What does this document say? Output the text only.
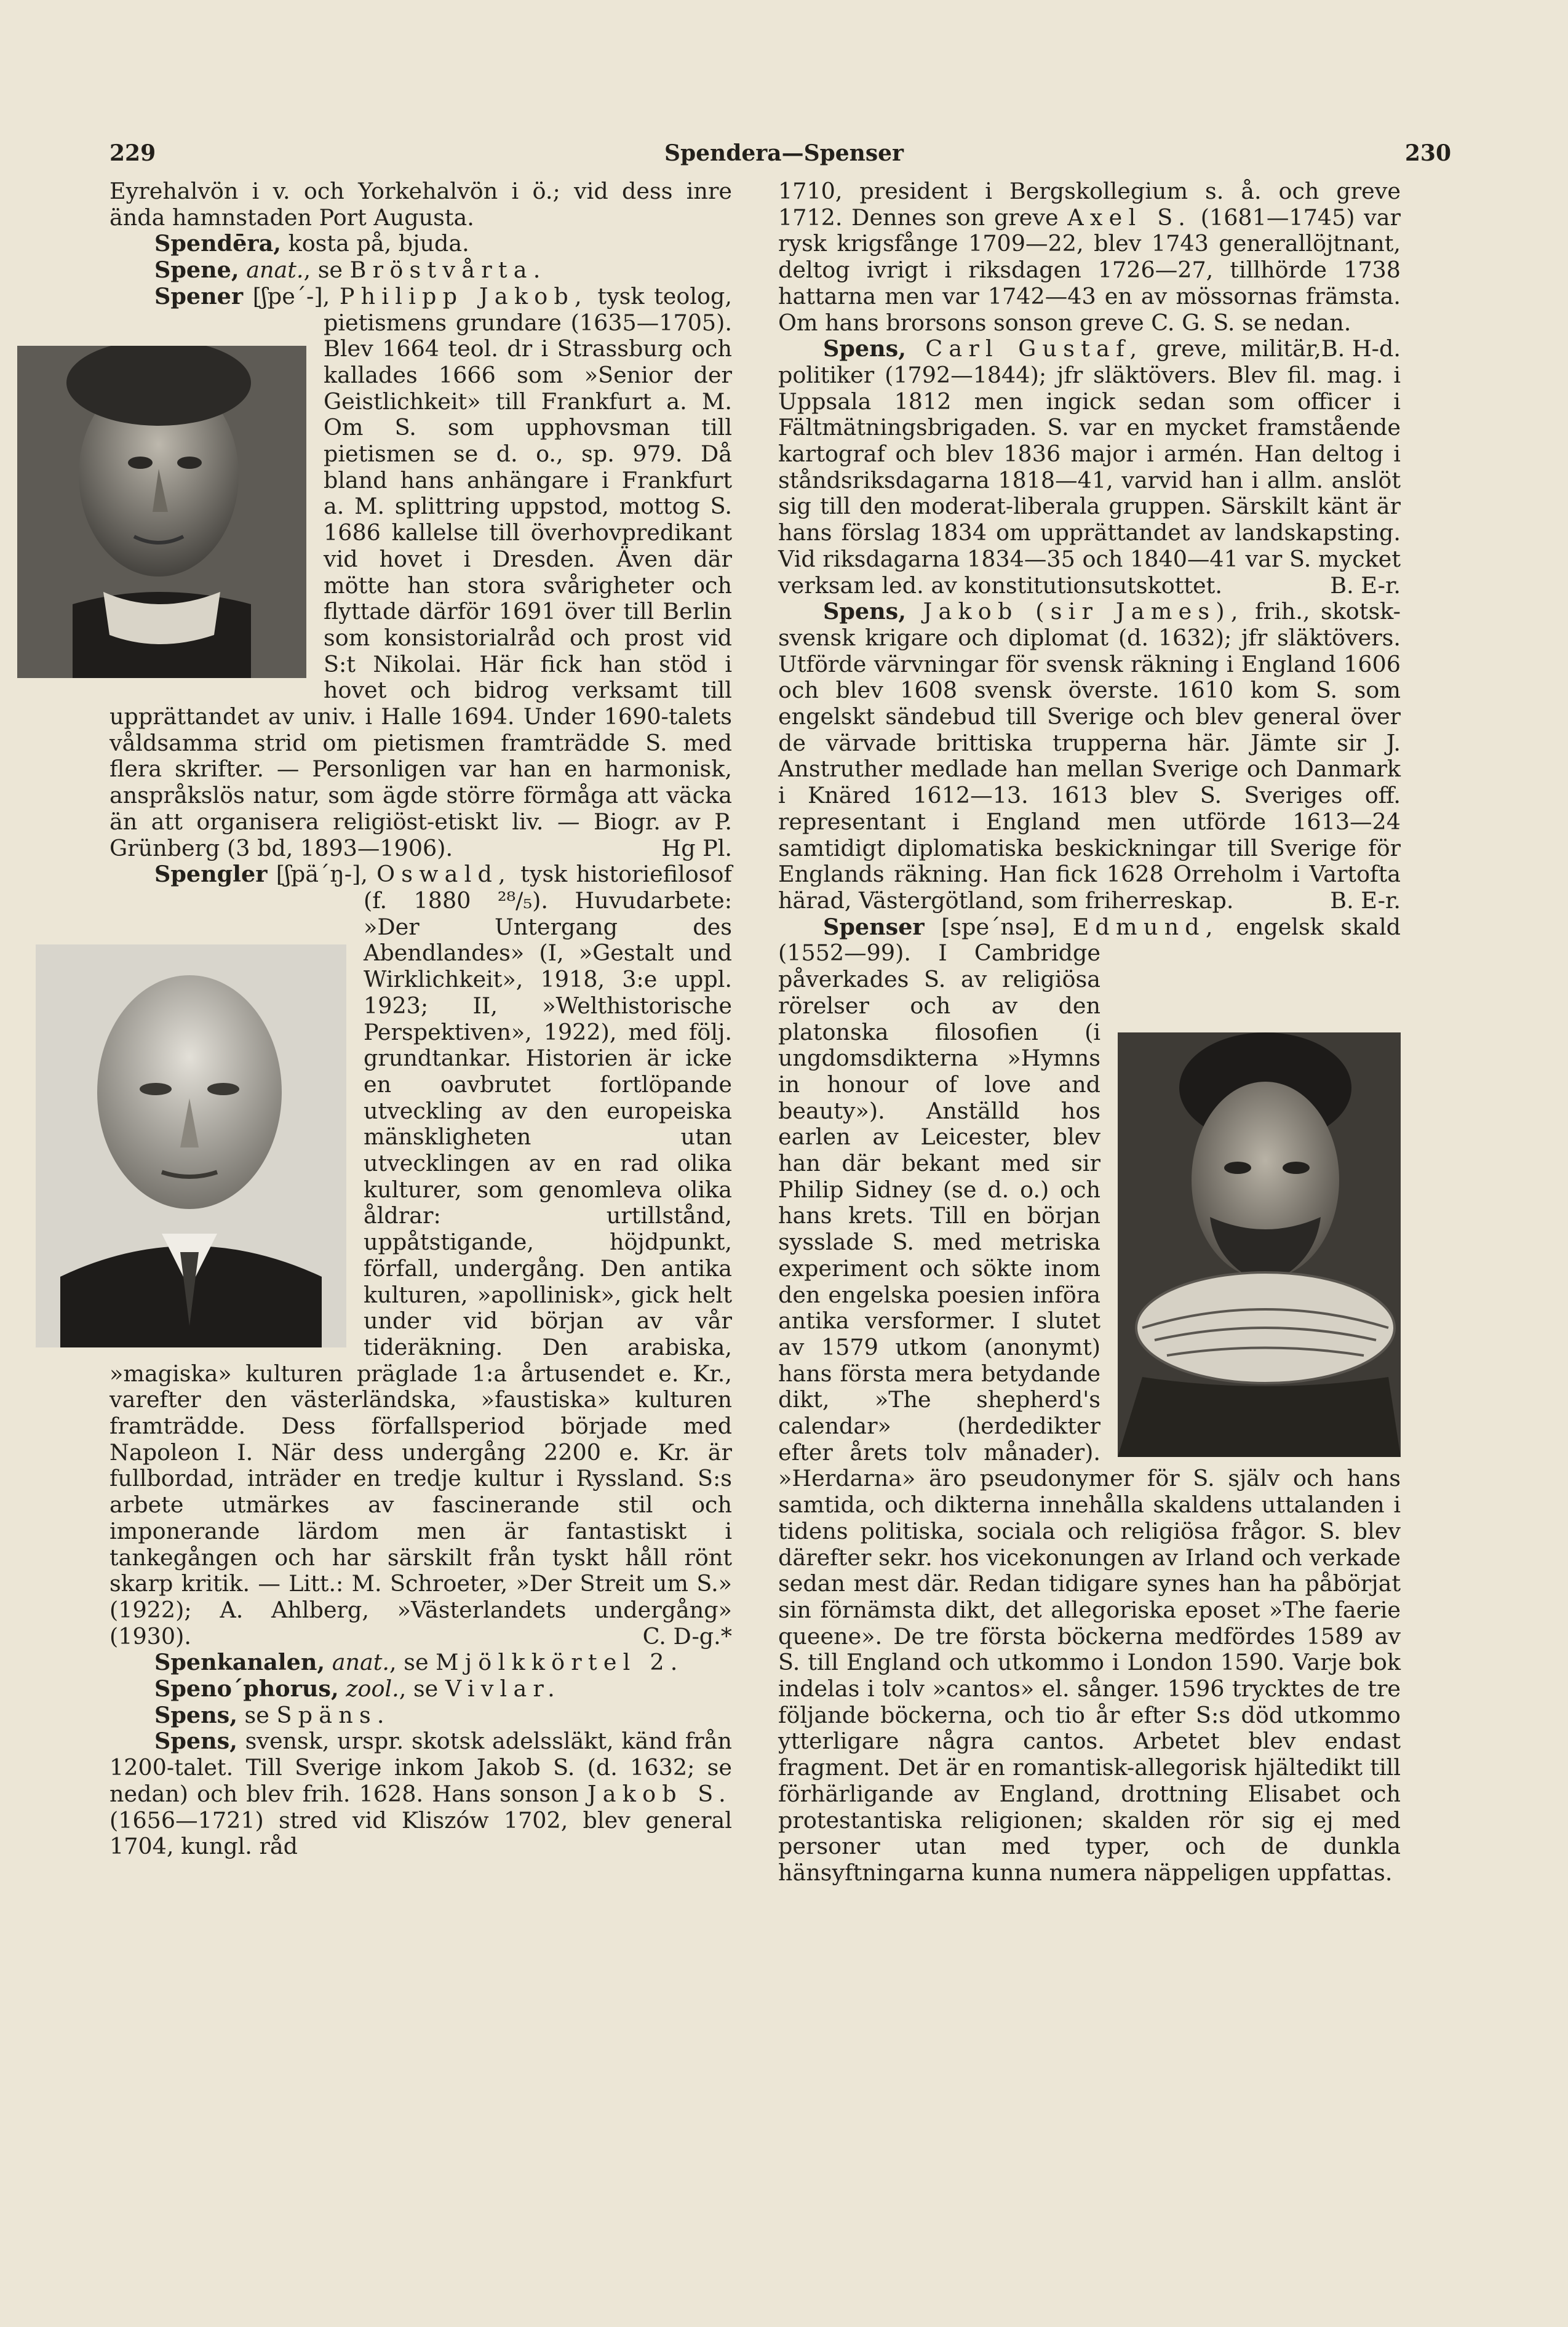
229	Spendera—Spenser	230

Eyrehalvön i v. och Yorkehalvön i ö.; vid dess inre ända hamnstaden Port Augusta.

Spendēra, kosta på, bjuda.

Spene, anat., se Bröstvårta.

Spener [ʃpe´-], Philipp Jakob,
tysk teolog, pietismens grundare (1635—1705). Blev 1664 teol. dr i Strassburg och kallades 1666 som »Senior der Geistlichkeit» till Frankfurt a. M. Om S. som upphovsman till pietismen se d. o., sp. 979. Då bland hans anhängare i Frankfurt a. M. splittring uppstod, mottog S. 1686 kallelse till överhovpredikant vid hovet i Dresden. Även där mötte han stora svårigheter och flyttade därför 1691 över till Berlin som konsistorialråd och prost vid S:t Nikolai. Här fick han stöd i hovet och bidrog verksamt till upprättandet av univ. i Halle 1694. Under 1690-talets våldsamma strid om pietismen framträdde S. med flera skrifter. — Personligen var han en harmonisk, anspråkslös natur, som ägde större förmåga att väcka än att organisera religiöst-etiskt liv. — Biogr. av P. Grünberg (3 bd, 1893—1906).	Hg Pl.

Spengler [ʃpä´ŋ-], Oswald,
tysk historiefilosof (f. 1880 ²⁸/₅). Huvudarbete: »Der Untergang des Abendlandes» (I, »Gestalt und Wirklichkeit», 1918, 3:e uppl. 1923; II, »Welthistorische Perspektiven», 1922), med följ. grundtankar. Historien är icke en oavbrutet fortlöpande utveckling av den europeiska mänskligheten utan utvecklingen av en rad olika kulturer, som genomleva olika åldrar: urtillstånd, uppåtstigande, höjdpunkt, förfall, undergång. Den antika kulturen, »apollinisk», gick helt under vid början av vår tideräkning. Den arabiska, »magiska» kulturen präglade 1:a årtusendet e. Kr., varefter den västerländska, »faustiska» kulturen framträdde. Dess förfallsperiod började med Napoleon I. När dess undergång 2200 e. Kr. är fullbordad, inträder en tredje kultur i Ryssland. S:s arbete utmärkes av fascinerande stil och imponerande lärdom men är fantastiskt i tankegången och har särskilt från tyskt håll rönt skarp kritik. — Litt.: M. Schroeter, »Der Streit um S.» (1922); A. Ahlberg, »Västerlandets undergång» (1930).	C. D-g.*

Spenkanalen, anat., se Mjölkkörtel 2.

Speno´phorus, zool., se Vivlar.

Spens, se Späns.

Spens, svensk, urspr. skotsk adelssläkt, känd från 1200-talet. Till Sverige inkom Jakob S. (d. 1632; se nedan) och blev frih. 1628. Hans sonson Jakob S. (1656—1721) stred vid Kliszów 1702, blev general 1704, kungl. råd

1710, president i Bergskollegium s. å. och greve 1712. Dennes son greve Axel S. (1681—1745) var rysk krigsfånge 1709—22, blev 1743 generallöjtnant, deltog ivrigt i riksdagen 1726—27, tillhörde 1738 hattarna men var 1742—43 en av mössornas främsta. Om hans brorsons sonson greve C. G. S. se nedan.
B. H-d.

Spens, Carl Gustaf, greve, militär, politiker (1792—1844); jfr släktövers. Blev fil. mag. i Uppsala 1812 men ingick sedan som officer i Fältmätningsbrigaden. S. var en mycket framstående kartograf och blev 1836 major i armén. Han deltog i ståndsriksdagarna 1818—41, varvid han i allm. anslöt sig till den moderat-liberala gruppen. Särskilt känt är hans förslag 1834 om upprättandet av landskapsting. Vid riksdagarna 1834—35 och 1840—41 var S. mycket verksam led. av konstitutionsutskottet.	B. E-r.

Spens, Jakob (sir James), frih., skotsk-svensk krigare och diplomat (d. 1632); jfr släktövers. Utförde värvningar för svensk räkning i England 1606 och blev 1608 svensk överste. 1610 kom S. som engelskt sändebud till Sverige och blev general över de värvade brittiska trupperna här. Jämte sir J. Anstruther medlade han mellan Sverige och Danmark i Knäred 1612—13. 1613 blev S. Sveriges off. representant i England men utförde 1613—24 samtidigt diplomatiska beskickningar till Sverige för Englands räkning. Han fick 1628 Orreholm i Vartofta härad, Västergötland, som friherreskap.	B. E-r.

Spenser [spe´nsə], Edmund,
engelsk skald (1552—99). I Cambridge påverkades S. av religiösa rörelser och av den platonska filosofien (i ungdomsdikterna »Hymns in honour of love and beauty»). Anställd hos earlen av Leicester, blev han där bekant med sir Philip Sidney (se d. o.) och hans krets. Till en början sysslade S. med metriska experiment och sökte inom den engelska poesien införa antika versformer. I slutet av 1579 utkom (anonymt) hans första mera betydande dikt, »The shepherd's calendar» (herdedikter efter årets tolv månader). »Herdarna» äro pseudonymer för S. själv och hans samtida, och dikterna innehålla skaldens uttalanden i tidens politiska, sociala och religiösa frågor. S. blev därefter sekr. hos vicekonungen av Irland och verkade sedan mest där. Redan tidigare synes han ha påbörjat sin förnämsta dikt, det allegoriska eposet »The faerie queene». De tre första böckerna medfördes 1589 av S. till England och utkommo i London 1590. Varje bok indelas i tolv »cantos» el. sånger. 1596 trycktes de tre följande böckerna, och tio år efter S:s död utkommo ytterligare några cantos. Arbetet blev endast fragment. Det är en romantisk-allegorisk hjältedikt till förhärligande av England, drottning Elisabet och protestantiska religionen; skalden rör sig ej med personer utan med typer, och de dunkla hänsyftningarna kunna numera näppeligen uppfattas.
